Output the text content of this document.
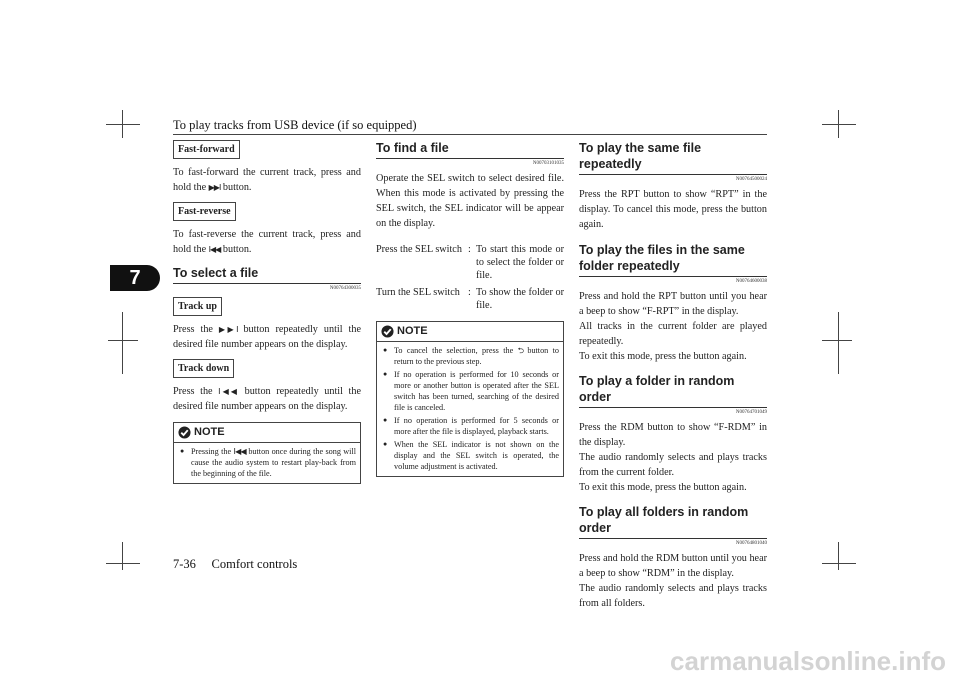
To play tracks from USB device (if so equipped)
7
7-36 Comfort controls
Fast-forward

To fast-forward the current track, press and hold the ▶▶I button.

Fast-reverse

To fast-reverse the current track, press and hold the I◀◀ button.

To select a file
N00764300035
Track up

Press the ▶▶I button repeatedly until the desired file number appears on the display.

Track down

Press the I◀◀ button repeatedly until the desired file number appears on the display.

NOTE
● Pressing the I◀◀ button once during the song will cause the audio system to restart play-back from the beginning of the file.
To find a file
N00703101035

Operate the SEL switch to select desired file. When this mode is activated by pressing the SEL switch, the SEL indicator will be appear on the display.

Press the SEL switch : To start this mode or to select the folder or file.
Turn the SEL switch : To show the folder or file.
NOTE
● To cancel the selection, press the ⮌ button to return to the previous step.
● If no operation is performed for 10 seconds or more or another button is operated after the SEL switch has been turned, searching of the desired file is canceled.
● If no operation is performed for 5 seconds or more after the file is displayed, playback starts.
● When the SEL indicator is not shown on the display and the SEL switch is operated, the volume adjustment is activated.
To play the same file repeatedly
N00764500024

Press the RPT button to show “RPT” in the display. To cancel this mode, press the button again.

To play the files in the same folder repeatedly
N00764600038

Press and hold the RPT button until you hear a beep to show “F-RPT” in the display.

All tracks in the current folder are played repeatedly.

To exit this mode, press the button again.

To play a folder in random order
N00764701049

Press the RDM button to show “F-RDM” in the display.

The audio randomly selects and plays tracks from the current folder.

To exit this mode, press the button again.

To play all folders in random order
N00764801040

Press and hold the RDM button until you hear a beep to show “RDM” in the display.

The audio randomly selects and plays tracks from all folders.

carmanualsonline.info
